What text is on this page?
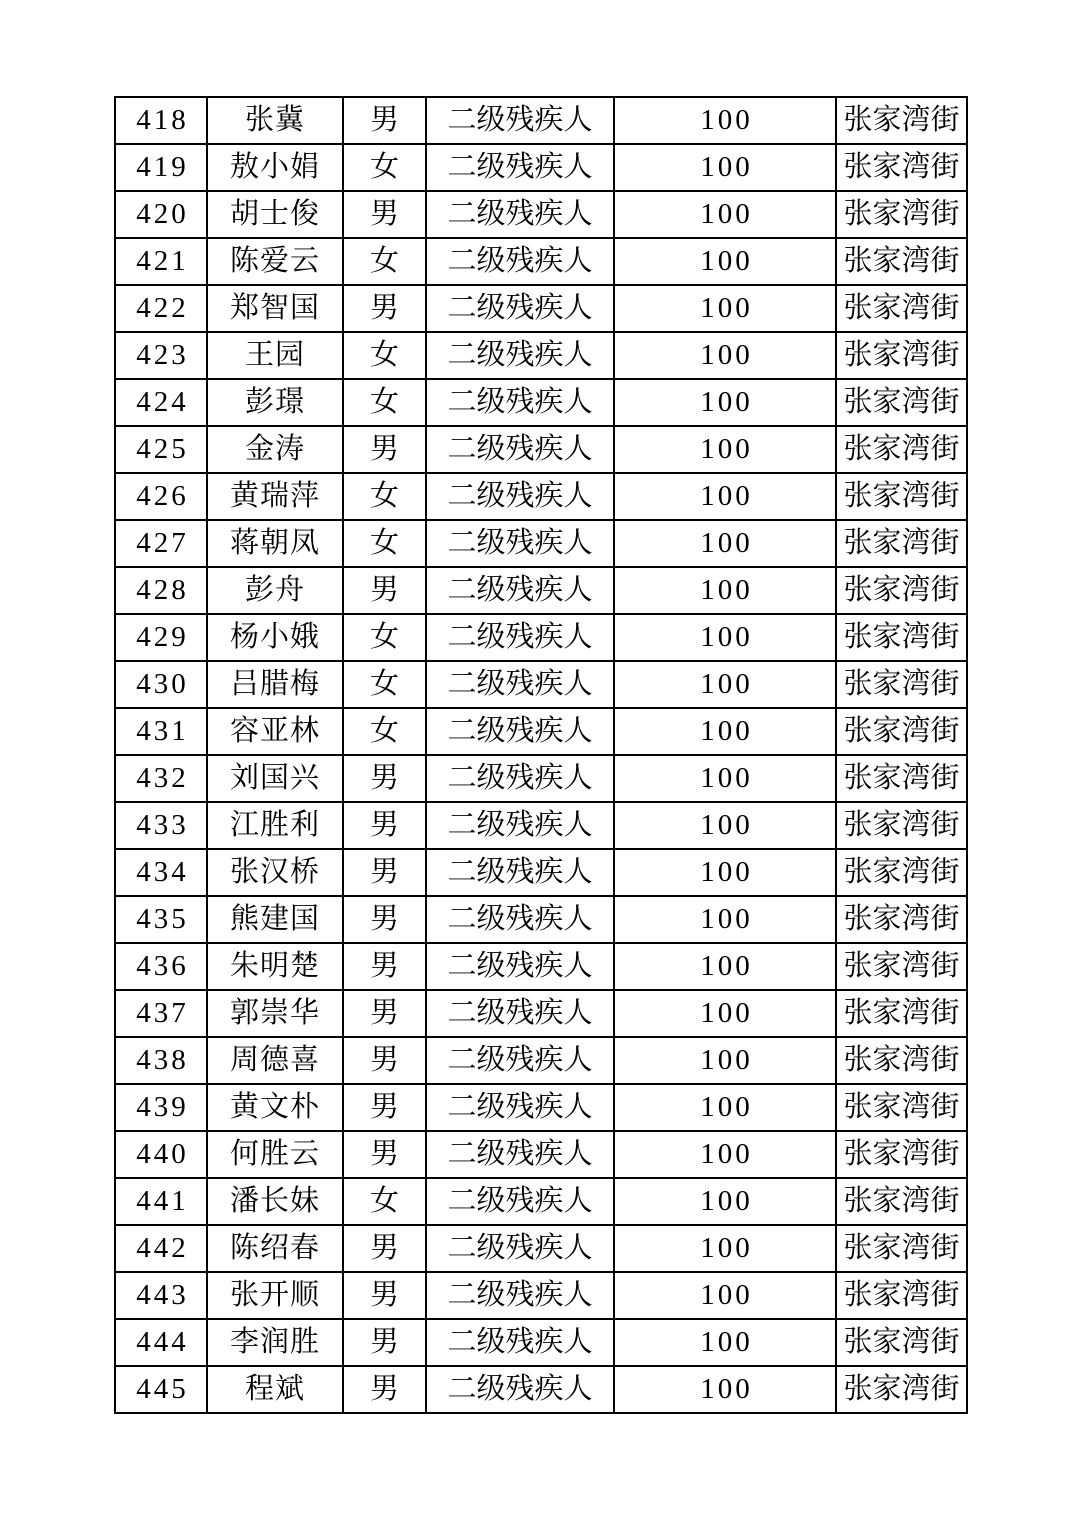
418	张冀	男	二级残疾人	100	张家湾街
419	敖小娟	女	二级残疾人	100	张家湾街
420	胡士俊	男	二级残疾人	100	张家湾街
421	陈爱云	女	二级残疾人	100	张家湾街
422	郑智国	男	二级残疾人	100	张家湾街
423	王园	女	二级残疾人	100	张家湾街
424	彭璟	女	二级残疾人	100	张家湾街
425	金涛	男	二级残疾人	100	张家湾街
426	黄瑞萍	女	二级残疾人	100	张家湾街
427	蒋朝凤	女	二级残疾人	100	张家湾街
428	彭舟	男	二级残疾人	100	张家湾街
429	杨小娥	女	二级残疾人	100	张家湾街
430	吕腊梅	女	二级残疾人	100	张家湾街
431	容亚林	女	二级残疾人	100	张家湾街
432	刘国兴	男	二级残疾人	100	张家湾街
433	江胜利	男	二级残疾人	100	张家湾街
434	张汉桥	男	二级残疾人	100	张家湾街
435	熊建国	男	二级残疾人	100	张家湾街
436	朱明楚	男	二级残疾人	100	张家湾街
437	郭崇华	男	二级残疾人	100	张家湾街
438	周德喜	男	二级残疾人	100	张家湾街
439	黄文朴	男	二级残疾人	100	张家湾街
440	何胜云	男	二级残疾人	100	张家湾街
441	潘长妹	女	二级残疾人	100	张家湾街
442	陈绍春	男	二级残疾人	100	张家湾街
443	张开顺	男	二级残疾人	100	张家湾街
444	李润胜	男	二级残疾人	100	张家湾街
445	程斌	男	二级残疾人	100	张家湾街
